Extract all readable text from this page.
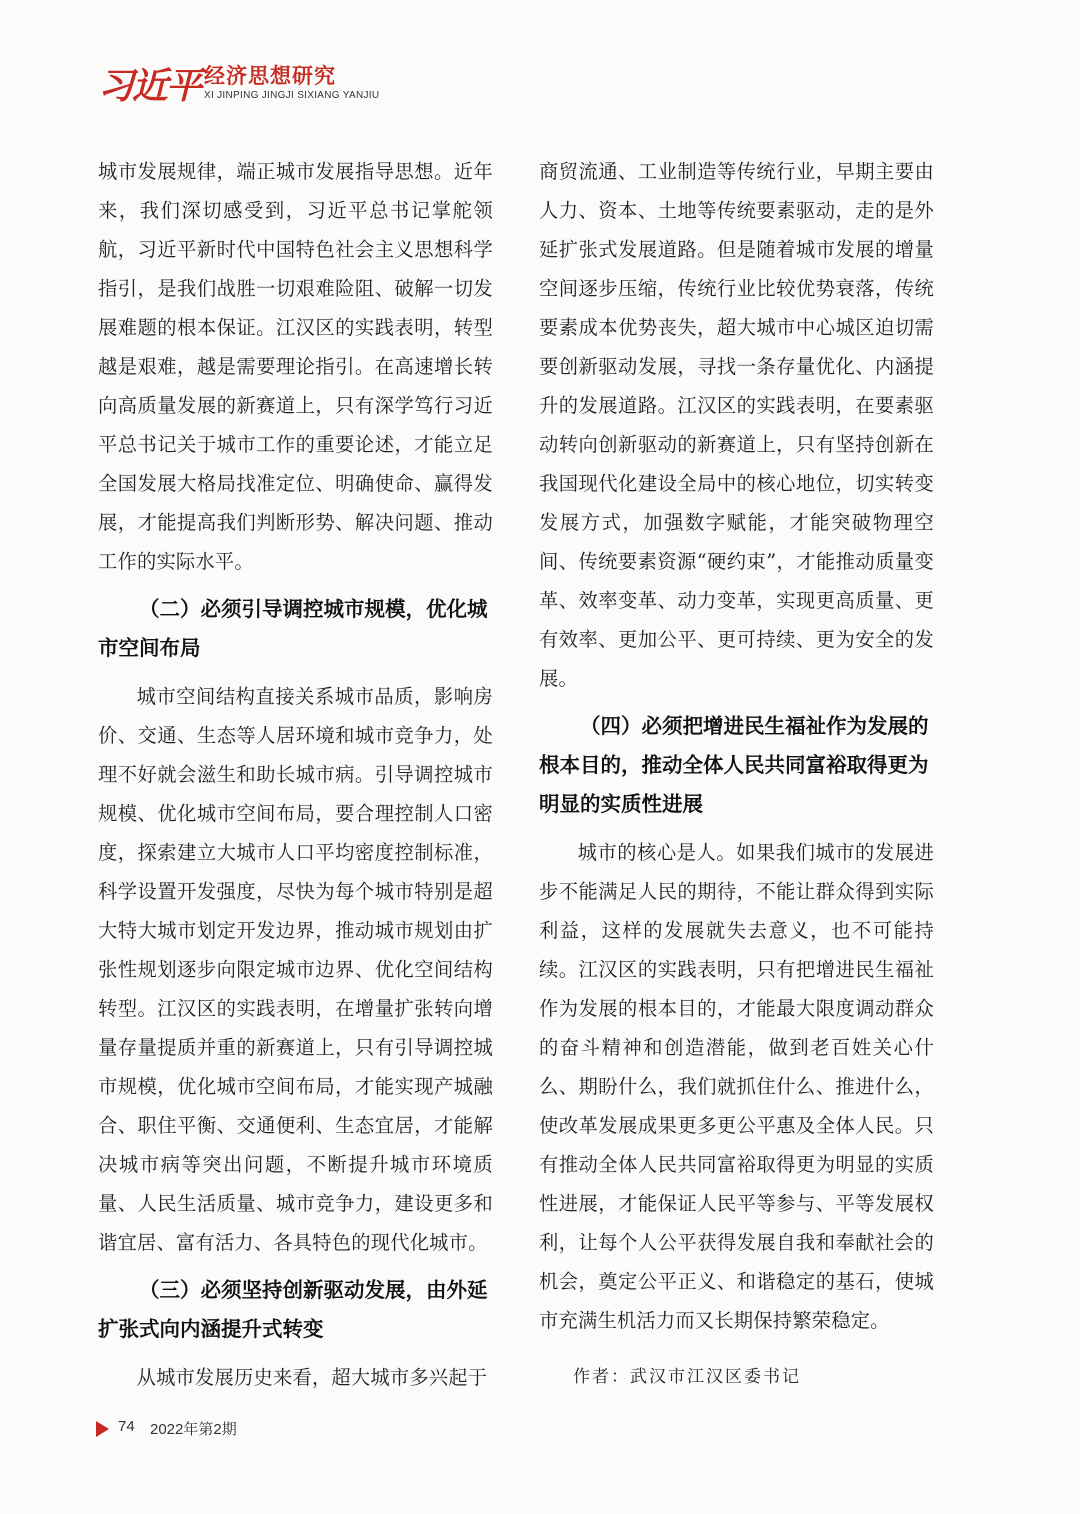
习近平 经济思想研究
XI JINPING JINGJI SIXIANG YANJIU

城市发展规律，端正城市发展指导思想。近年来，我们深切感受到，习近平总书记掌舵领航，习近平新时代中国特色社会主义思想科学指引，是我们战胜一切艰难险阻、破解一切发展难题的根本保证。江汉区的实践表明，转型越是艰难，越是需要理论指引。在高速增长转向高质量发展的新赛道上，只有深学笃行习近平总书记关于城市工作的重要论述，才能立足全国发展大格局找准定位、明确使命、赢得发展，才能提高我们判断形势、解决问题、推动工作的实际水平。

（二）必须引导调控城市规模，优化城市空间布局

城市空间结构直接关系城市品质，影响房价、交通、生态等人居环境和城市竞争力，处理不好就会滋生和助长城市病。引导调控城市规模、优化城市空间布局，要合理控制人口密度，探索建立大城市人口平均密度控制标准，科学设置开发强度，尽快为每个城市特别是超大特大城市划定开发边界，推动城市规划由扩张性规划逐步向限定城市边界、优化空间结构转型。江汉区的实践表明，在增量扩张转向增量存量提质并重的新赛道上，只有引导调控城市规模，优化城市空间布局，才能实现产城融合、职住平衡、交通便利、生态宜居，才能解决城市病等突出问题，不断提升城市环境质量、人民生活质量、城市竞争力，建设更多和谐宜居、富有活力、各具特色的现代化城市。

（三）必须坚持创新驱动发展，由外延扩张式向内涵提升式转变

从城市发展历史来看，超大城市多兴起于

商贸流通、工业制造等传统行业，早期主要由人力、资本、土地等传统要素驱动，走的是外延扩张式发展道路。但是随着城市发展的增量空间逐步压缩，传统行业比较优势衰落，传统要素成本优势丧失，超大城市中心城区迫切需要创新驱动发展，寻找一条存量优化、内涵提升的发展道路。江汉区的实践表明，在要素驱动转向创新驱动的新赛道上，只有坚持创新在我国现代化建设全局中的核心地位，切实转变发展方式，加强数字赋能，才能突破物理空间、传统要素资源“硬约束”，才能推动质量变革、效率变革、动力变革，实现更高质量、更有效率、更加公平、更可持续、更为安全的发展。

（四）必须把增进民生福祉作为发展的根本目的，推动全体人民共同富裕取得更为明显的实质性进展

城市的核心是人。如果我们城市的发展进步不能满足人民的期待，不能让群众得到实际利益，这样的发展就失去意义，也不可能持续。江汉区的实践表明，只有把增进民生福祉作为发展的根本目的，才能最大限度调动群众的奋斗精神和创造潜能，做到老百姓关心什么、期盼什么，我们就抓住什么、推进什么，使改革发展成果更多更公平惠及全体人民。只有推动全体人民共同富裕取得更为明显的实质性进展，才能保证人民平等参与、平等发展权利，让每个人公平获得发展自我和奉献社会的机会，奠定公平正义、和谐稳定的基石，使城市充满生机活力而又长期保持繁荣稳定。

作者：武汉市江汉区委书记
74 2022年第2期
